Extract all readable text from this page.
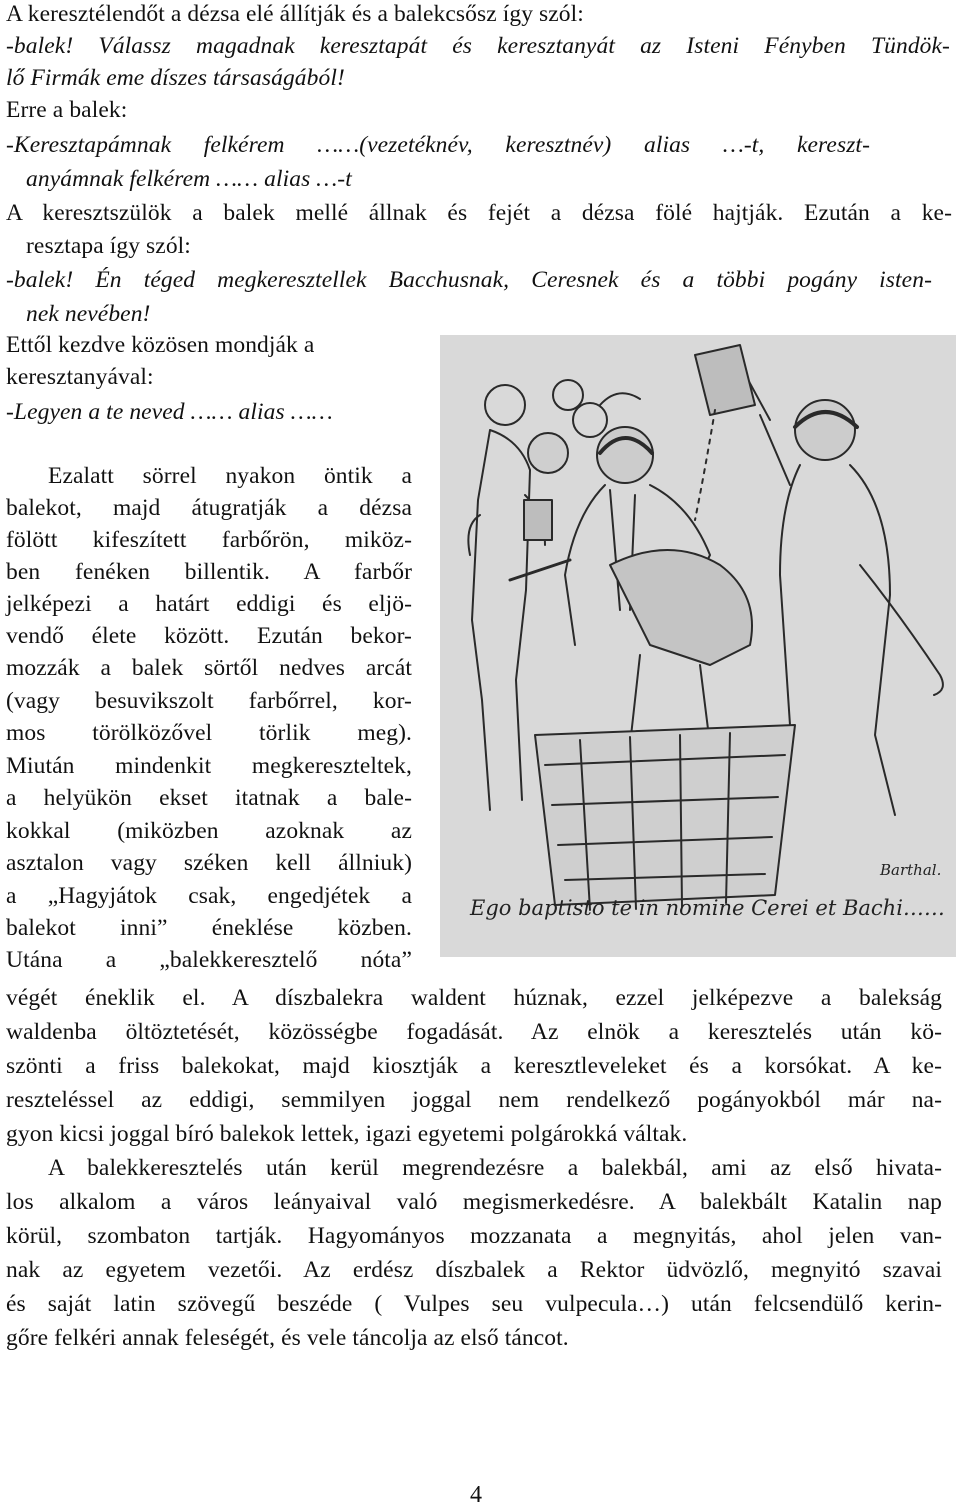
A keresztélendőt a dézsa elé állítják és a balekcsősz így szól:
-balek! Válassz magadnak keresztapát és keresztanyát az Isteni Fényben Tündök-
lő Firmák eme díszes társaságából!
Erre a balek:
-Keresztapámnak felkérem ……(vezetéknév, keresztnév) alias …-t, kereszt-
anyámnak felkérem …… alias …-t
A keresztszülök a balek mellé állnak és fejét a dézsa fölé hajtják. Ezután a ke-
resztapa így szól:
-balek! Én téged megkeresztellek Bacchusnak, Ceresnek és a többi pogány isten-
nek nevében!
Ettől kezdve közösen mondják a
keresztanyával:
-Legyen a te neved …… alias ……
Ezalatt sörrel nyakon öntik a
balekot, majd átugratják a dézsa
fölött kifeszített farbőrön, miköz-
ben fenéken billentik. A farbőr
jelképezi a határt eddigi és eljö-
vendő élete között. Ezután bekor-
mozzák a balek sörtől nedves arcát
(vagy besuvikszolt farbőrrel, kor-
mos törölközővel törlik meg).
Miután mindenkit megkereszteltek,
a helyükön ekset itatnak a bale-
kokkal (miközben azoknak az
asztalon vagy széken kell állniuk)
a „Hagyjátok csak, engedjétek a
balekot inni” éneklése közben.
Utána a „balekkeresztelő nóta”
végét éneklik el. A díszbalekra waldent húznak, ezzel jelképezve a balekság
waldenba öltöztetését, közösségbe fogadását. Az elnök a keresztelés után kö-
szönti a friss balekokat, majd kiosztják a keresztleveleket és a korsókat. A ke-
reszteléssel az eddigi, semmilyen joggal nem rendelkező pogányokból már na-
gyon kicsi joggal bíró balekok lettek, igazi egyetemi polgárokká váltak.
A balekkeresztelés után kerül megrendezésre a balekbál, ami az első hivata-
los alkalom a város leányaival való megismerkedésre. A balekbált Katalin nap
körül, szombaton tartják. Hagyományos mozzanata a megnyitás, ahol jelen van-
nak az egyetem vezetői. Az erdész díszbalek a Rektor üdvözlő, megnyitó szavai
és saját latin szövegű beszéde ( Vulpes seu vulpecula…) után felcsendülő kerin-
gőre felkéri annak feleségét, és vele táncolja az első táncot.
Barthal.
Ego baptisto te in nomine Cerei et Bachi……
4
